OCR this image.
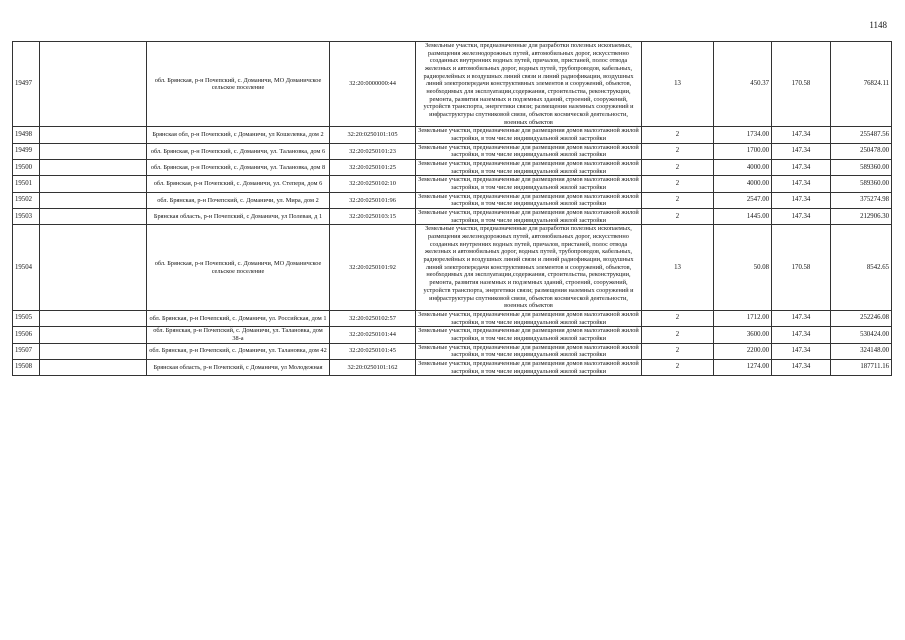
1148
19497		обл. Брянская, р-н Почепский, с. Доманичи, МО Доманичское сельское поселение	32:20:0000000:44	Земельные участки, предназначенные для разработки полезных ископаемых, размещения железнодорожных путей, автомобильных дорог, искусственно созданных внутренних водных путей, причалов, пристаней, полос отвода железных и автомобильных дорог, водных путей, трубопроводов, кабельных, радиорелейных и воздушных линий связи и линий радиофикации, воздушных линий электропередачи конструктивных элементов и сооружений, объектов, необходимых для эксплуатации,содержания, строительства, реконструкции, ремонта, развития наземных и подземных зданий, строений, сооружений, устройств транспорта, энергетики связи; размещения наземных сооружений и инфраструктуры спутниковой связи, объектов космической деятельности, военных объектов	13	450.37	170.58	76824.11
19498		Брянская обл, р-н Почепский, с Доманичи, ул Кошелевка, дом 2	32:20:0250101:105	Земельные участки, предназначенные для размещения домов малоэтажной жилой застройки, в том числе индивидуальной жилой застройки	2	1734.00	147.34	255487.56
19499		обл. Брянская, р-н Почепский, с. Доманичи, ул. Талановка, дом 6	32:20:0250101:23	Земельные участки, предназначенные для размещения домов малоэтажной жилой застройки, в том числе индивидуальной жилой застройки	2	1700.00	147.34	250478.00
19500		обл. Брянская, р-н Почепский, с. Доманичи, ул. Талановка, дом 8	32:20:0250101:25	Земельные участки, предназначенные для размещения домов малоэтажной жилой застройки, в том числе индивидуальной жилой застройки	2	4000.00	147.34	589360.00
19501		обл. Брянская, р-н Почепский, с. Доманичи, ул. Степеря, дом 6	32:20:0250102:10	Земельные участки, предназначенные для размещения домов малоэтажной жилой застройки, в том числе индивидуальной жилой застройки	2	4000.00	147.34	589360.00
19502		обл. Брянская, р-н Почепский, с. Доманичи, ул. Мира, дом 2	32:20:0250101:96	Земельные участки, предназначенные для размещения домов малоэтажной жилой застройки, в том числе индивидуальной жилой застройки	2	2547.00	147.34	375274.98
19503		Брянская область, р-н Почепский, с Доманичи, ул Полевая, д 1	32:20:0250103:15	Земельные участки, предназначенные для размещения домов малоэтажной жилой застройки, в том числе индивидуальной жилой застройки	2	1445.00	147.34	212906.30
19504		обл. Брянская, р-н Почепский, с. Доманичи, МО Доманичское сельское поселение	32:20:0250101:92	Земельные участки, предназначенные для разработки полезных ископаемых, размещения железнодорожных путей, автомобильных дорог, искусственно созданных внутренних водных путей, причалов, пристаней, полос отвода железных и автомобильных дорог, водных путей, трубопроводов, кабельных, радиорелейных и воздушных линий связи и линий радиофикации, воздушных линий электропередачи конструктивных элементов и сооружений, объектов, необходимых для эксплуатации,содержания, строительства, реконструкции, ремонта, развития наземных и подземных зданий, строений, сооружений, устройств транспорта, энергетики связи; размещения наземных сооружений и инфраструктуры спутниковой связи, объектов космической деятельности, военных объектов	13	50.08	170.58	8542.65
19505		обл. Брянская, р-н Почепский, с. Доманичи, ул. Российская, дом 1	32:20:0250102:57	Земельные участки, предназначенные для размещения домов малоэтажной жилой застройки, в том числе индивидуальной жилой застройки	2	1712.00	147.34	252246.08
19506		обл. Брянская, р-н Почепский, с. Доманичи, ул. Талановка, дом 38-а	32:20:0250101:44	Земельные участки, предназначенные для размещения домов малоэтажной жилой застройки, в том числе индивидуальной жилой застройки	2	3600.00	147.34	530424.00
19507		обл. Брянская, р-н Почепский, с. Доманичи, ул. Талановка, дом 42	32:20:0250101:45	Земельные участки, предназначенные для размещения домов малоэтажной жилой застройки, в том числе индивидуальной жилой застройки	2	2200.00	147.34	324148.00
19508		Брянская область, р-н Почепский, с Доманичи, ул Молодежная	32:20:0250101:162	Земельные участки, предназначенные для размещения домов малоэтажной жилой застройки, в том числе индивидуальной жилой застройки	2	1274.00	147.34	187711.16
